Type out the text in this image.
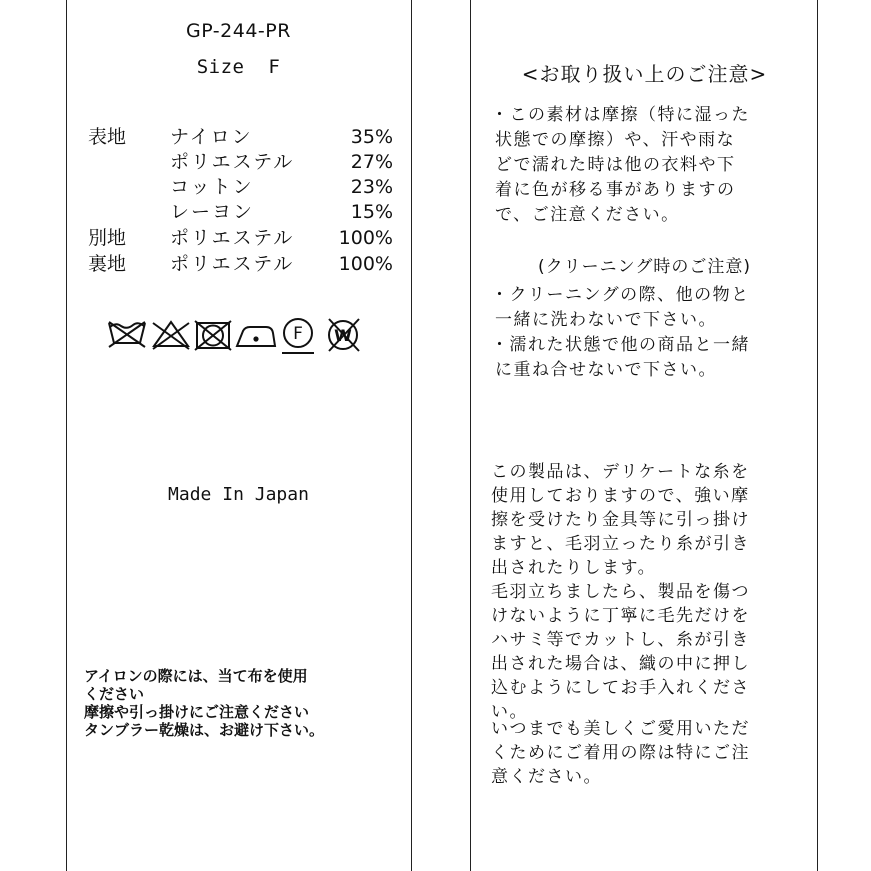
GP-244-PR
Size  F
表地 ナイロン	35%
ポリエステル	27%
コットン	23%
レーヨン	15%
別地 ポリエステル 100%
裏地 ポリエステル 100%
F W
Made In Japan
アイロンの際には、当て布を使用
ください
摩擦や引っ掛けにご注意ください
タンブラー乾燥は、お避け下さい。
<お取り扱い上のご注意>
・この素材は摩擦（特に湿った
状態での摩擦）や、汗や雨な
どで濡れた時は他の衣料や下
着に色が移る事がありますの
で、ご注意ください。
(クリーニング時のご注意)
・クリーニングの際、他の物と
一緒に洗わないで下さい。
・濡れた状態で他の商品と一緒
に重ね合せないで下さい。
この製品は、デリケートな糸を
使用しておりますので、強い摩
擦を受けたり金具等に引っ掛け
ますと、毛羽立ったり糸が引き
出されたりします。
毛羽立ちましたら、製品を傷つ
けないように丁寧に毛先だけを
ハサミ等でカットし、糸が引き
出された場合は、織の中に押し
込むようにしてお手入れくださ
い。
いつまでも美しくご愛用いただ
くためにご着用の際は特にご注
意ください。
